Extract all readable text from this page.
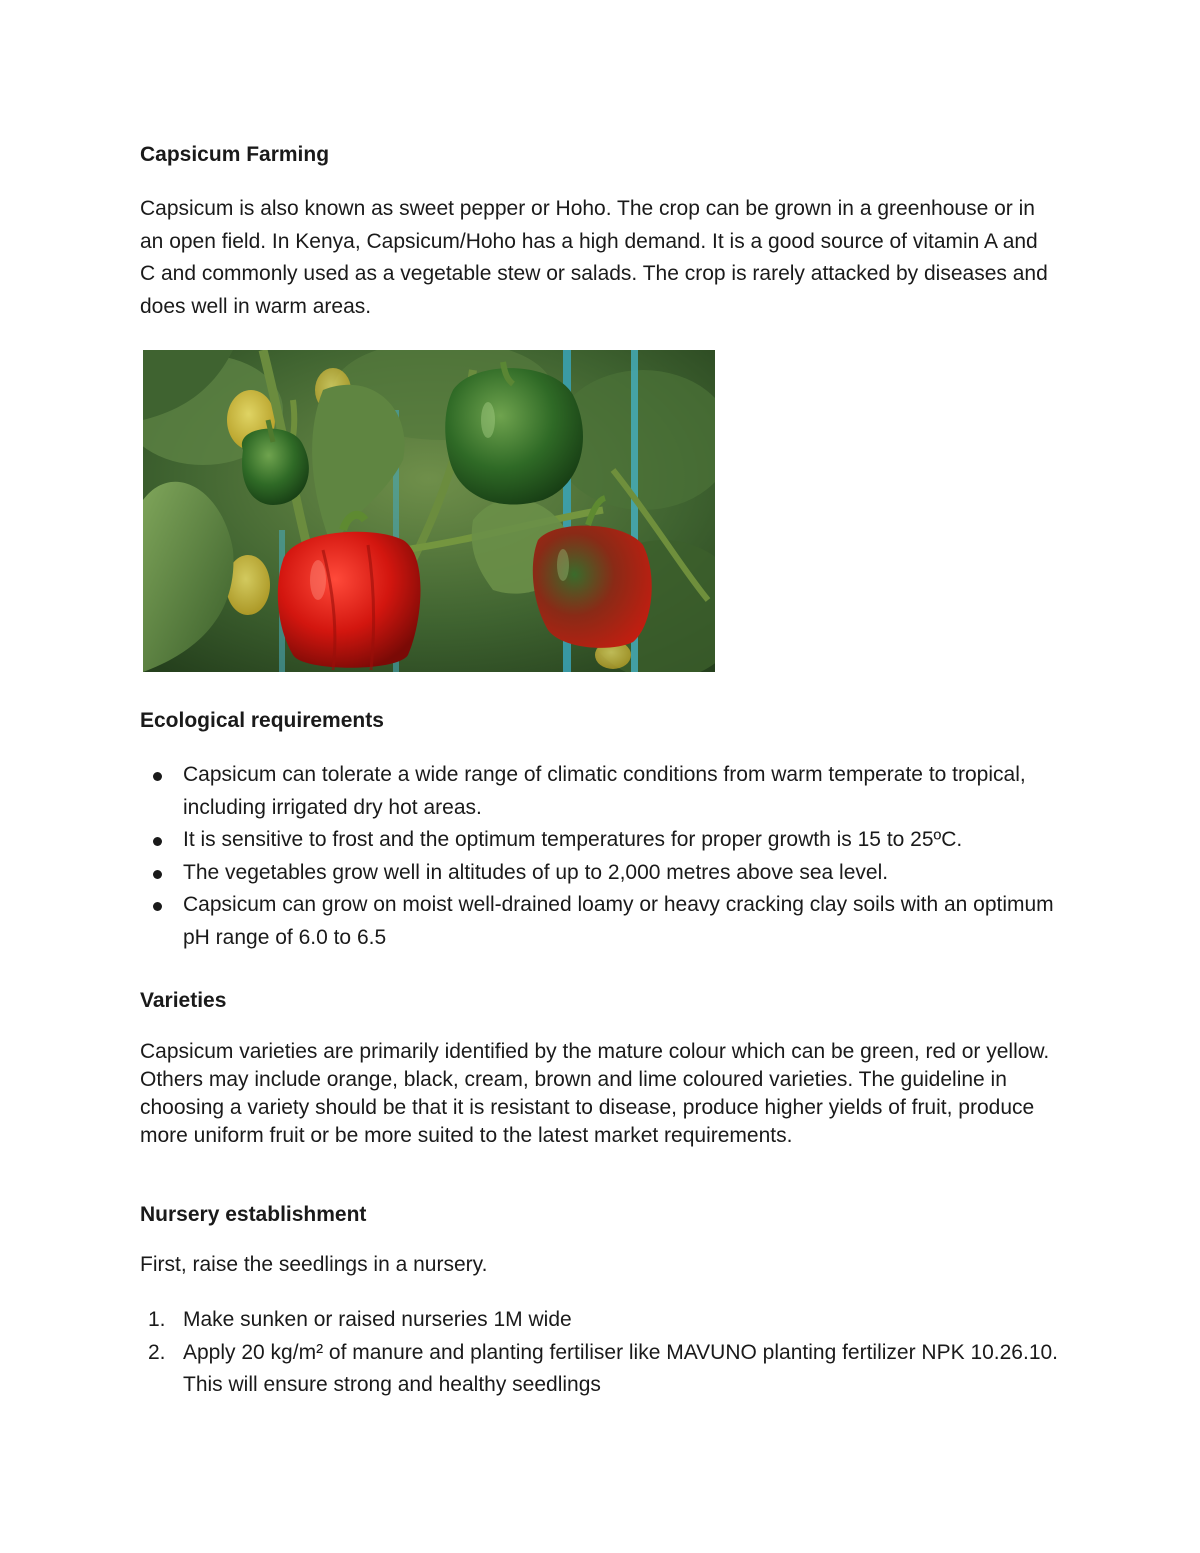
Capsicum Farming

Capsicum is also known as sweet pepper or Hoho. The crop can be grown in a greenhouse or in an open field. In Kenya, Capsicum/Hoho has a high demand. It is a good source of vitamin A and C and commonly used as a vegetable stew or salads. The crop is rarely attacked by diseases and does well in warm areas.

Ecological requirements
Capsicum can tolerate a wide range of climatic conditions from warm temperate to tropical, including irrigated dry hot areas.
It is sensitive to frost and the optimum temperatures for proper growth is 15 to 25ºC.
The vegetables grow well in altitudes of up to 2,000 metres above sea level.
Capsicum can grow on moist well-drained loamy or heavy cracking clay soils with an optimum pH range of 6.0 to 6.5
Varieties

Capsicum varieties are primarily identified by the mature colour which can be green, red or yellow. Others may include orange, black, cream, brown and lime coloured varieties. The guideline in choosing a variety should be that it is resistant to disease, produce higher yields of fruit, produce more uniform fruit or be more suited to the latest market requirements.

Nursery establishment

First, raise the seedlings in a nursery.

1. Make sunken or raised nurseries 1M wide
2. Apply 20 kg/m² of manure and planting fertiliser like MAVUNO planting fertilizer NPK 10.26.10. This will ensure strong and healthy seedlings
